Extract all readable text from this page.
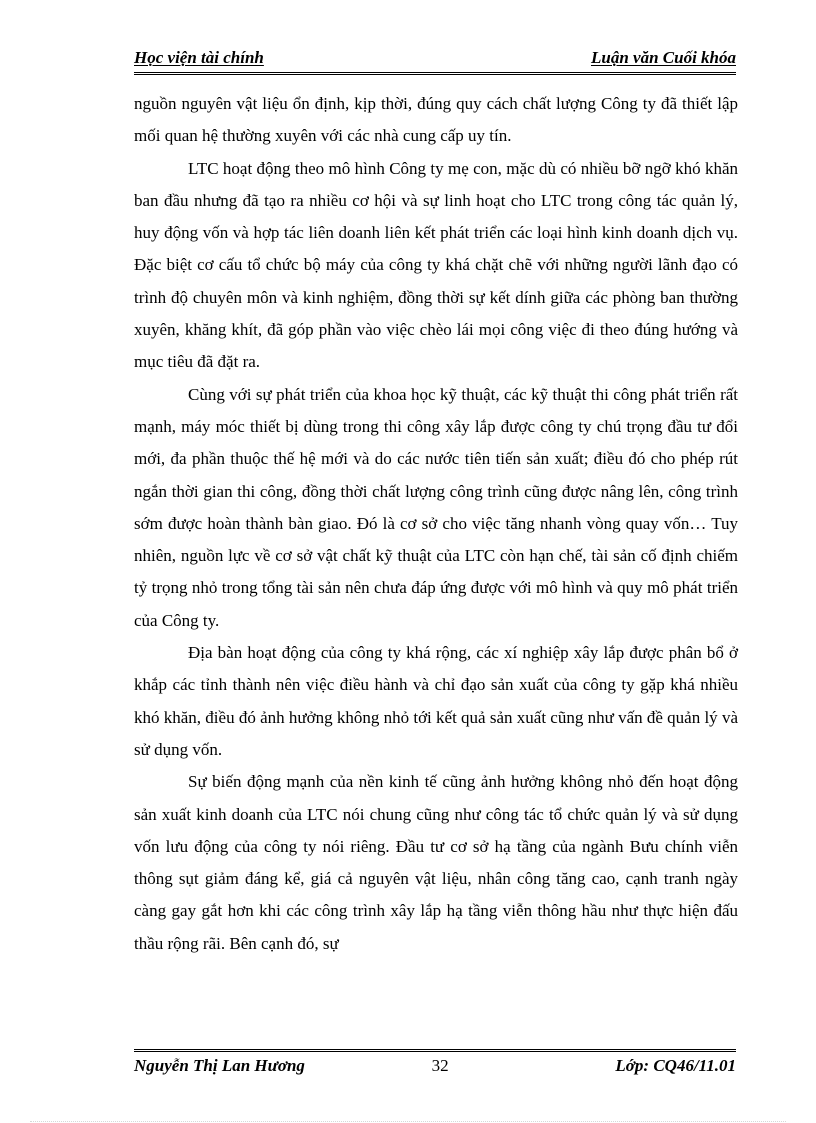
Học viện tài chính	Luận văn Cuối khóa

nguồn nguyên vật liệu ổn định, kịp thời, đúng quy cách chất lượng Công ty đã thiết lập mối quan hệ thường xuyên với các nhà cung cấp uy tín.

LTC hoạt động theo mô hình Công ty mẹ con, mặc dù có nhiều bỡ ngỡ khó khăn ban đầu nhưng đã tạo ra nhiều cơ hội và sự linh hoạt cho LTC trong công tác quản lý, huy động vốn và hợp tác liên doanh liên kết phát triển các loại hình kinh doanh dịch vụ. Đặc biệt cơ cấu tổ chức bộ máy của công ty khá chặt chẽ với những người lãnh đạo có trình độ chuyên môn và kinh nghiệm, đồng thời sự kết dính giữa các phòng ban thường xuyên, khăng khít, đã góp phần vào việc chèo lái mọi công việc đi theo đúng hướng và mục tiêu đã đặt ra.

Cùng với sự phát triển của khoa học kỹ thuật, các kỹ thuật thi công phát triển rất mạnh, máy móc thiết bị dùng trong thi công xây lắp được công ty chú trọng đầu tư đổi mới, đa phần thuộc thế hệ mới và do các nước tiên tiến sản xuất; điều đó cho phép rút ngắn thời gian thi công, đồng thời chất lượng công trình cũng được nâng lên, công trình sớm được hoàn thành bàn giao. Đó là cơ sở cho việc tăng nhanh vòng quay vốn… Tuy nhiên, nguồn lực về cơ sở vật chất kỹ thuật của LTC còn hạn chế, tài sản cố định chiếm tỷ trọng nhỏ trong tổng tài sản nên chưa đáp ứng được với mô hình và quy mô phát triển của Công ty.

Địa bàn hoạt động của công ty khá rộng, các xí nghiệp xây lắp được phân bổ ở khắp các tỉnh thành nên việc điều hành và chỉ đạo sản xuất của công ty gặp khá nhiều khó khăn, điều đó ảnh hưởng không nhỏ tới kết quả sản xuất cũng như vấn đề quản lý và sử dụng vốn.

Sự biến động mạnh của nền kinh tế cũng ảnh hưởng không nhỏ đến hoạt động sản xuất kinh doanh của LTC nói chung cũng như công tác tổ chức quản lý và sử dụng vốn lưu động của công ty nói riêng. Đầu tư cơ sở hạ tầng của ngành Bưu chính viễn thông sụt giảm đáng kể, giá cả nguyên vật liệu, nhân công tăng cao, cạnh tranh ngày càng gay gắt hơn khi các công trình xây lắp hạ tầng viễn thông hầu như thực hiện đấu thầu rộng rãi. Bên cạnh đó, sự

Nguyễn Thị Lan Hương	32	Lớp: CQ46/11.01
